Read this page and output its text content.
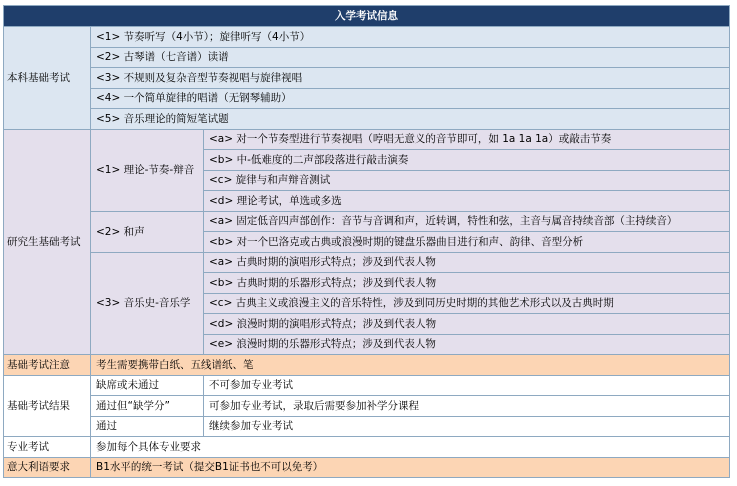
入学考试信息		
本科基础考试	<1> 节奏听写（4小节）；旋律听写（4小节）	
	<2> 古琴谱（七音谱）读谱	
	<3> 不规则及复杂音型节奏视唱与旋律视唱	
	<4> 一个简单旋律的唱谱（无钢琴辅助）	
	<5> 音乐理论的简短笔试题	
研究生基础考试	<1> 理论-节奏-辩音	<a> 对一个节奏型进行节奏视唱（哼唱无意义的音节即可，如 1a 1a 1a）或敲击节奏
		<b> 中-低难度的二声部段落进行敲击演奏
		<c> 旋律与和声辩音测试
		<d> 理论考试，单选或多选
	<2> 和声	<a> 固定低音四声部创作：音节与音调和声，近转调，特性和弦，主音与属音持续音部（主持续音）
		<b> 对一个巴洛克或古典或浪漫时期的键盘乐器曲目进行和声、韵律、音型分析
	<3> 音乐史-音乐学	<a> 古典时期的演唱形式特点；涉及到代表人物
		<b> 古典时期的乐器形式特点；涉及到代表人物
		<c> 古典主义或浪漫主义的音乐特性，涉及到同历史时期的其他艺术形式以及古典时期
		<d> 浪漫时期的演唱形式特点；涉及到代表人物
		<e> 浪漫时期的乐器形式特点；涉及到代表人物
基础考试注意	考生需要携带白纸、五线谱纸、笔	
基础考试结果	缺席或未通过	不可参加专业考试
	通过但“缺学分”	可参加专业考试，录取后需要参加补学分课程
	通过	继续参加专业考试
专业考试	参加每个具体专业要求	
意大利语要求	B1水平的统一考试（提交B1证书也不可以免考）	
